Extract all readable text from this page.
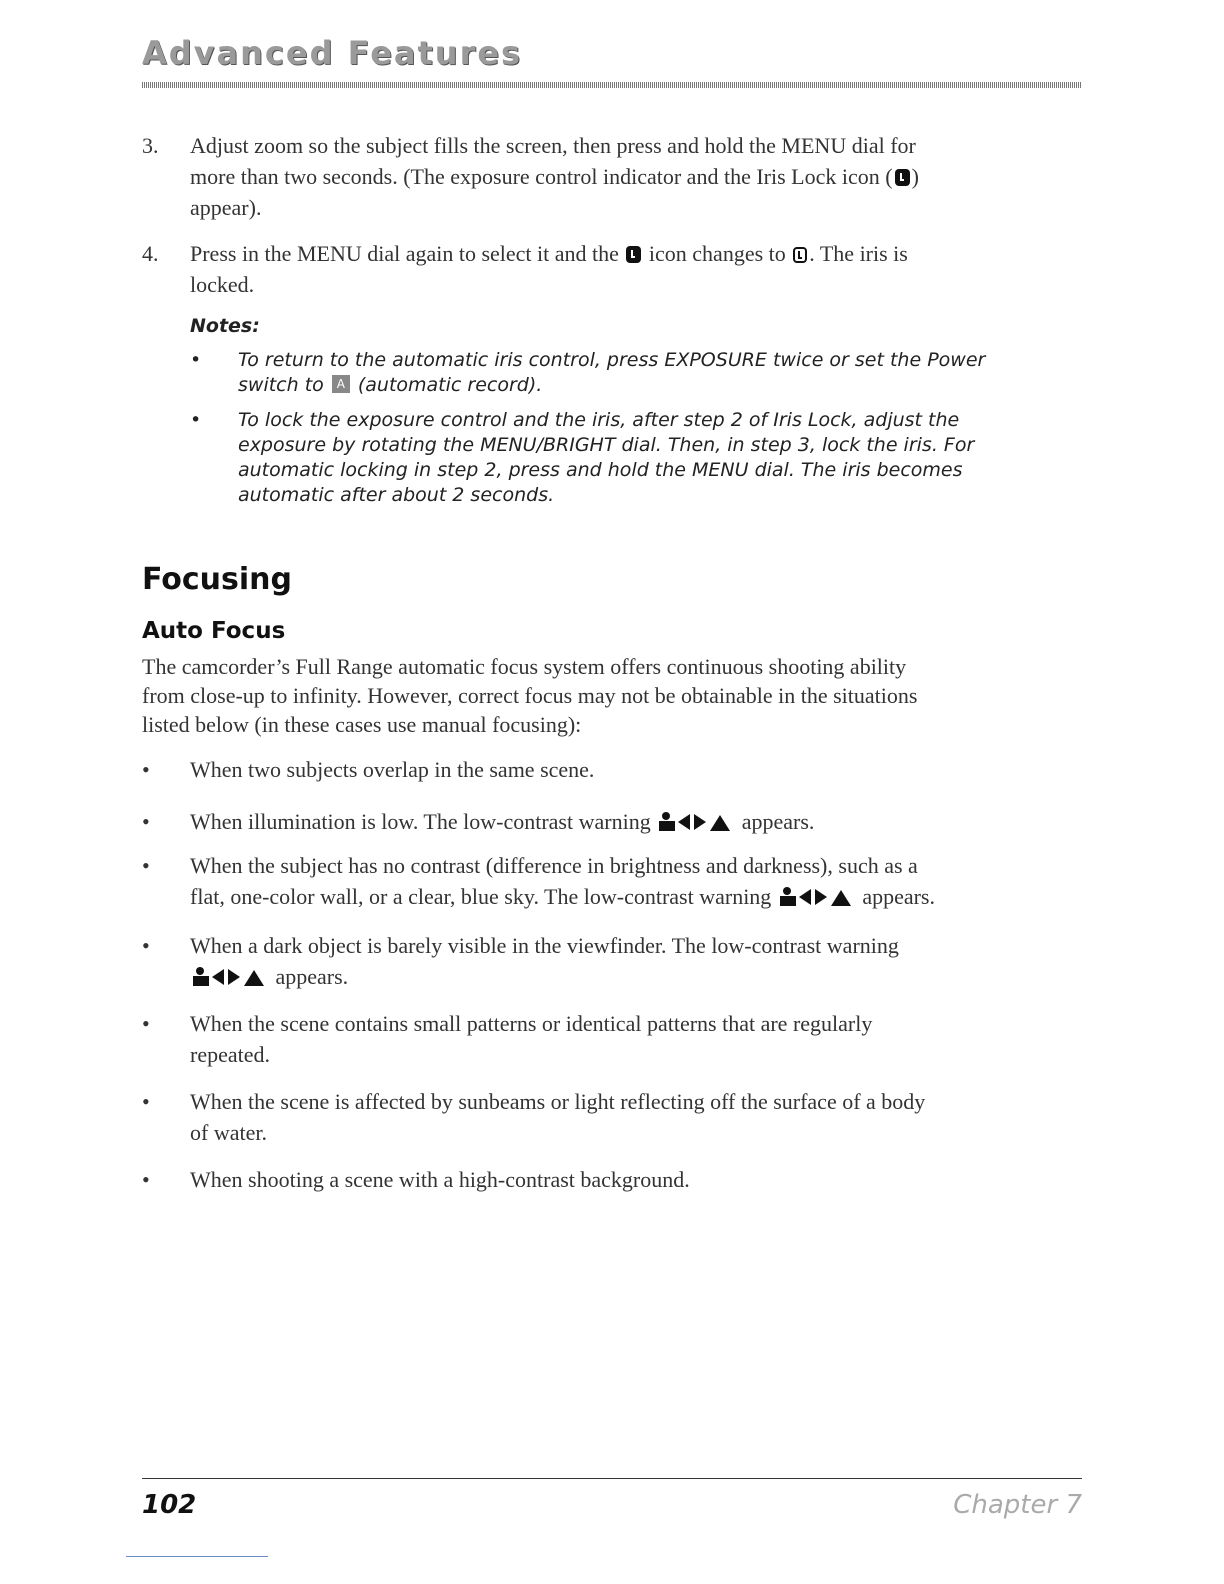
Advanced Features
3.	Adjust zoom so the subject fills the screen, then press and hold the MENU dial for
more than two seconds. (The exposure control indicator and the Iris Lock icon ( )
appear).
4.	Press in the MENU dial again to select it and the  icon changes to . The iris is
locked.
Notes:
• To return to the automatic iris control, press EXPOSURE twice or set the Power
switch to A (automatic record).
• To lock the exposure control and the iris, after step 2 of Iris Lock, adjust the
exposure by rotating the MENU/BRIGHT dial. Then, in step 3, lock the iris. For
automatic locking in step 2, press and hold the MENU dial. The iris becomes
automatic after about 2 seconds.
Focusing
Auto Focus
The camcorder’s Full Range automatic focus system offers continuous shooting ability
from close-up to infinity. However, correct focus may not be obtainable in the situations
listed below (in these cases use manual focusing):
• When two subjects overlap in the same scene.
• When illumination is low. The low-contrast warning	appears.
• When the subject has no contrast (difference in brightness and darkness), such as a
flat, one-color wall, or a clear, blue sky. The low-contrast warning	appears.
• When a dark object is barely visible in the viewfinder. The low-contrast warning
appears.
• When the scene contains small patterns or identical patterns that are regularly
repeated.
• When the scene is affected by sunbeams or light reflecting off the surface of a body
of water.
• When shooting a scene with a high-contrast background.
102	Chapter 7
